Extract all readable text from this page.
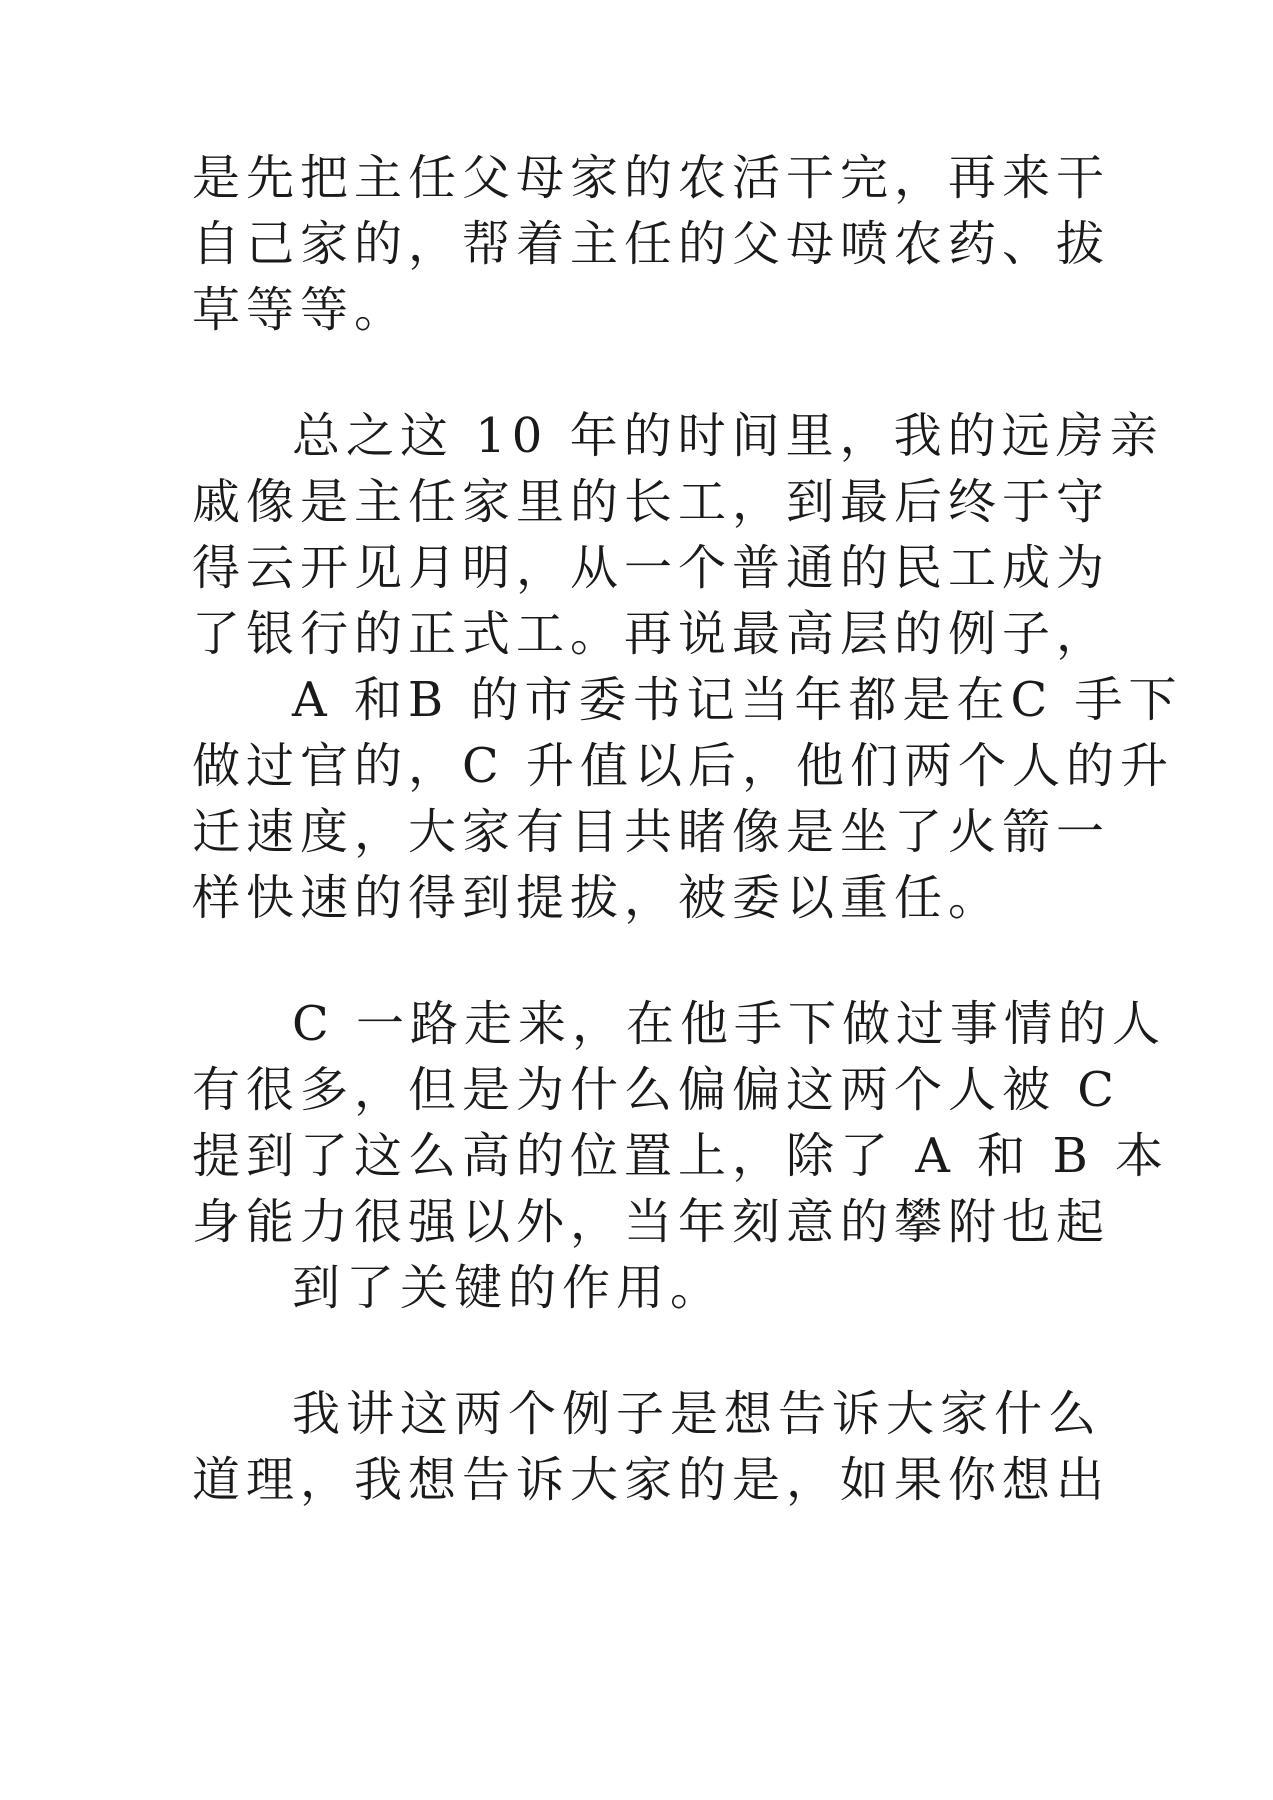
是先把主任父母家的农活干完，再来干

自己家的，帮着主任的父母喷农药、拔

草等等。

总之这 10 年的时间里，我的远房亲

戚像是主任家里的长工，到最后终于守

得云开见月明，从一个普通的民工成为

了银行的正式工。再说最高层的例子，

A 和B 的市委书记当年都是在C 手下

做过官的，C 升值以后，他们两个人的升

迁速度，大家有目共睹像是坐了火箭一

样快速的得到提拔，被委以重任。

C 一路走来，在他手下做过事情的人

有很多，但是为什么偏偏这两个人被 C

提到了这么高的位置上，除了 A 和 B 本

身能力很强以外，当年刻意的攀附也起

到了关键的作用。

我讲这两个例子是想告诉大家什么

道理，我想告诉大家的是，如果你想出
